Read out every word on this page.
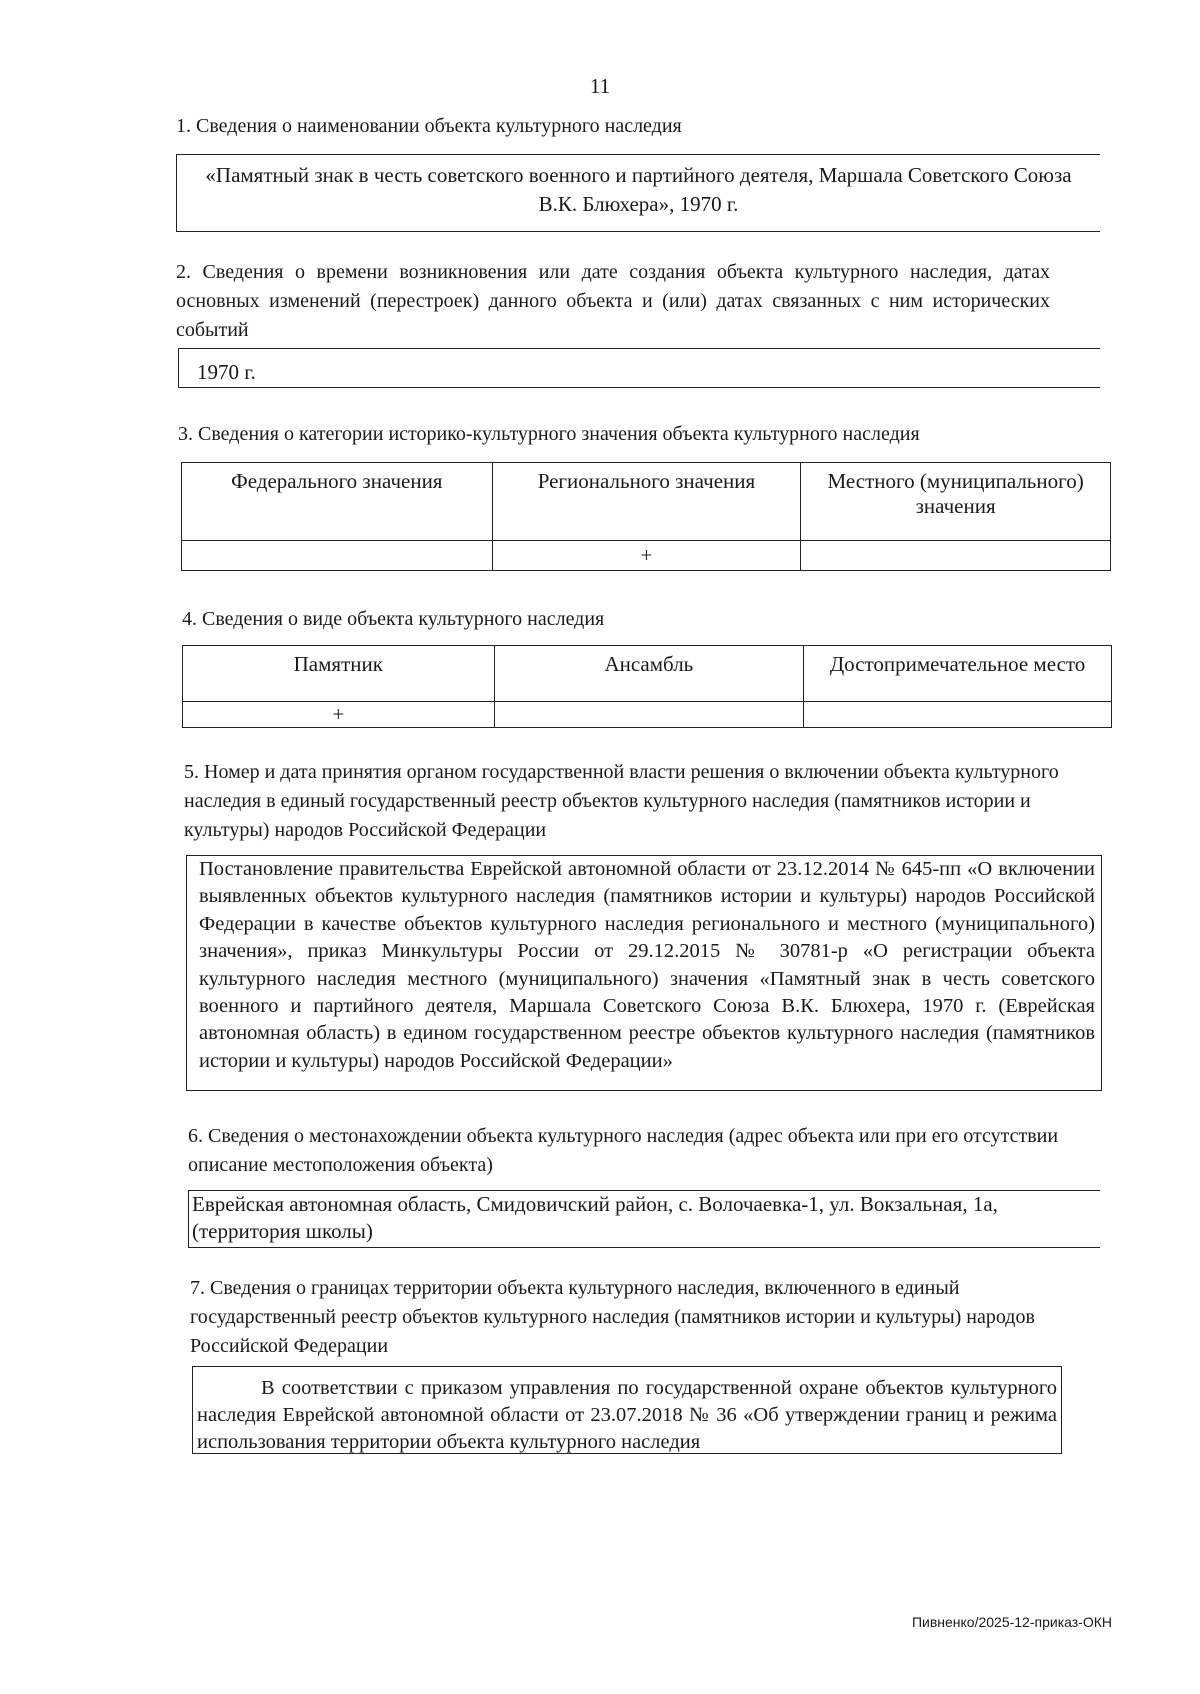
11
1. Сведения о наименовании объекта культурного наследия
«Памятный знак в честь советского военного и партийного деятеля, Маршала Советского Союза В.К. Блюхера», 1970 г.
2. Сведения о времени возникновения или дате создания объекта культурного наследия, датах основных изменений (перестроек) данного объекта и (или) датах связанных с ним исторических событий
1970 г.
3. Сведения о категории историко-культурного значения объекта культурного наследия
Федерального значения	Регионального значения	Местного (муниципального) значения
	+	
4. Сведения о виде объекта культурного наследия
Памятник	Ансамбль	Достопримечательное место
+		
5. Номер и дата принятия органом государственной власти решения о включении объекта культурного наследия в единый государственный реестр объектов культурного наследия (памятников истории и культуры) народов Российской Федерации
Постановление правительства Еврейской автономной области от 23.12.2014 № 645-пп «О включении выявленных объектов культурного наследия (памятников истории и культуры) народов Российской Федерации в качестве объектов культурного наследия регионального и местного (муниципального) значения», приказ Минкультуры России от 29.12.2015 № 30781-р «О регистрации объекта культурного наследия местного (муниципального) значения «Памятный знак в честь советского военного и партийного деятеля, Маршала Советского Союза В.К. Блюхера, 1970 г. (Еврейская автономная область) в едином государственном реестре объектов культурного наследия (памятников истории и культуры) народов Российской Федерации»
6. Сведения о местонахождении объекта культурного наследия (адрес объекта или при его отсутствии описание местоположения объекта)
Еврейская автономная область, Смидовичский район, с. Волочаевка-1, ул. Вокзальная, 1а, (территория школы)
7. Сведения о границах территории объекта культурного наследия, включенного в единый государственный реестр объектов культурного наследия (памятников истории и культуры) народов Российской Федерации
В соответствии с приказом управления по государственной охране объектов культурного наследия Еврейской автономной области от 23.07.2018 № 36 «Об утверждении границ и режима использования территории объекта культурного наследия
Пивненко/2025-12-приказ-ОКН
